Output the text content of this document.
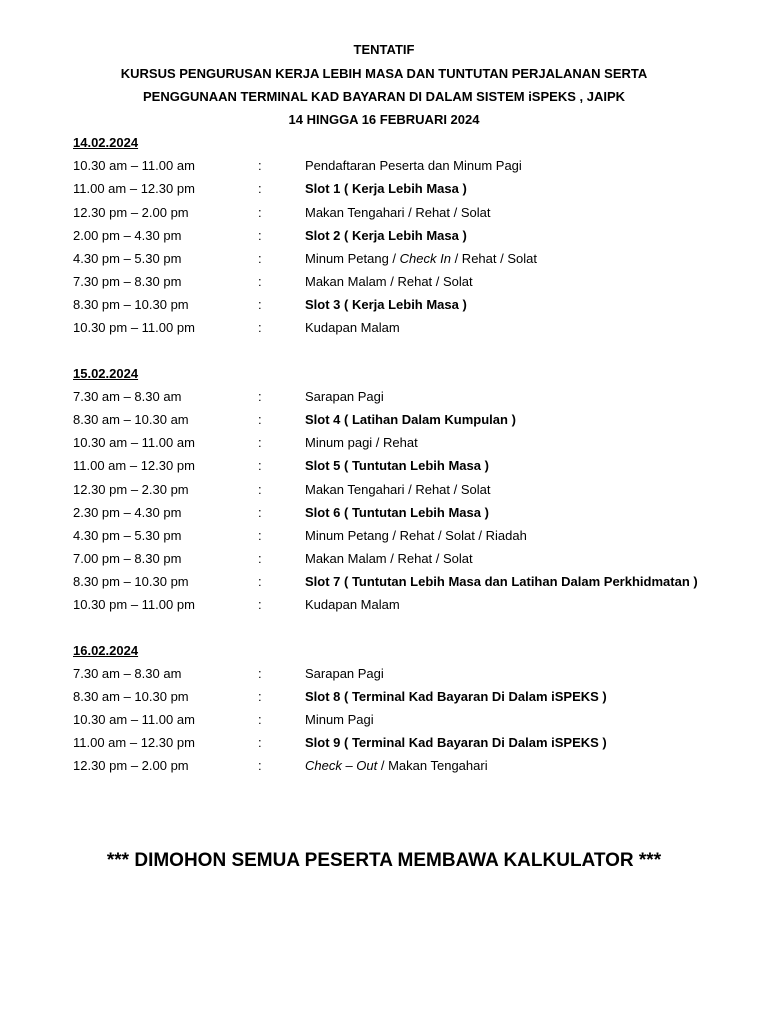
TENTATIF
KURSUS PENGURUSAN KERJA LEBIH MASA DAN TUNTUTAN PERJALANAN SERTA
PENGGUNAAN TERMINAL KAD BAYARAN DI DALAM SISTEM iSPEKS , JAIPK
14 HINGGA 16 FEBRUARI 2024
14.02.2024
10.30 am – 11.00 am	:	Pendaftaran Peserta dan Minum Pagi
11.00 am – 12.30 pm	:	Slot 1 ( Kerja Lebih Masa )
12.30 pm – 2.00 pm	:	Makan Tengahari / Rehat / Solat
2.00 pm – 4.30 pm	:	Slot 2 ( Kerja Lebih Masa )
4.30 pm – 5.30 pm	:	Minum Petang / Check In / Rehat / Solat
7.30 pm – 8.30 pm	:	Makan Malam / Rehat / Solat
8.30 pm – 10.30 pm	:	Slot 3 ( Kerja Lebih Masa )
10.30 pm – 11.00 pm	:	Kudapan Malam
15.02.2024
7.30 am – 8.30 am	:	Sarapan Pagi
8.30 am – 10.30 am	:	Slot 4 ( Latihan Dalam Kumpulan )
10.30 am – 11.00 am	:	Minum pagi / Rehat
11.00 am – 12.30 pm	:	Slot 5 ( Tuntutan Lebih Masa )
12.30 pm – 2.30 pm	:	Makan Tengahari / Rehat / Solat
2.30 pm – 4.30 pm	:	Slot 6 ( Tuntutan Lebih Masa )
4.30 pm – 5.30 pm	:	Minum Petang / Rehat / Solat / Riadah
7.00 pm – 8.30 pm	:	Makan Malam / Rehat / Solat
8.30 pm – 10.30 pm	:	Slot 7 ( Tuntutan Lebih Masa dan Latihan Dalam Perkhidmatan )
10.30 pm – 11.00 pm	:	Kudapan Malam
16.02.2024
7.30 am – 8.30 am	:	Sarapan Pagi
8.30 am – 10.30 pm	:	Slot 8 ( Terminal Kad Bayaran Di Dalam iSPEKS )
10.30 am – 11.00 am	:	Minum Pagi
11.00 am – 12.30 pm	:	Slot 9 ( Terminal Kad Bayaran Di Dalam iSPEKS )
12.30 pm – 2.00 pm	:	Check – Out / Makan Tengahari
*** DIMOHON SEMUA PESERTA MEMBAWA KALKULATOR ***
